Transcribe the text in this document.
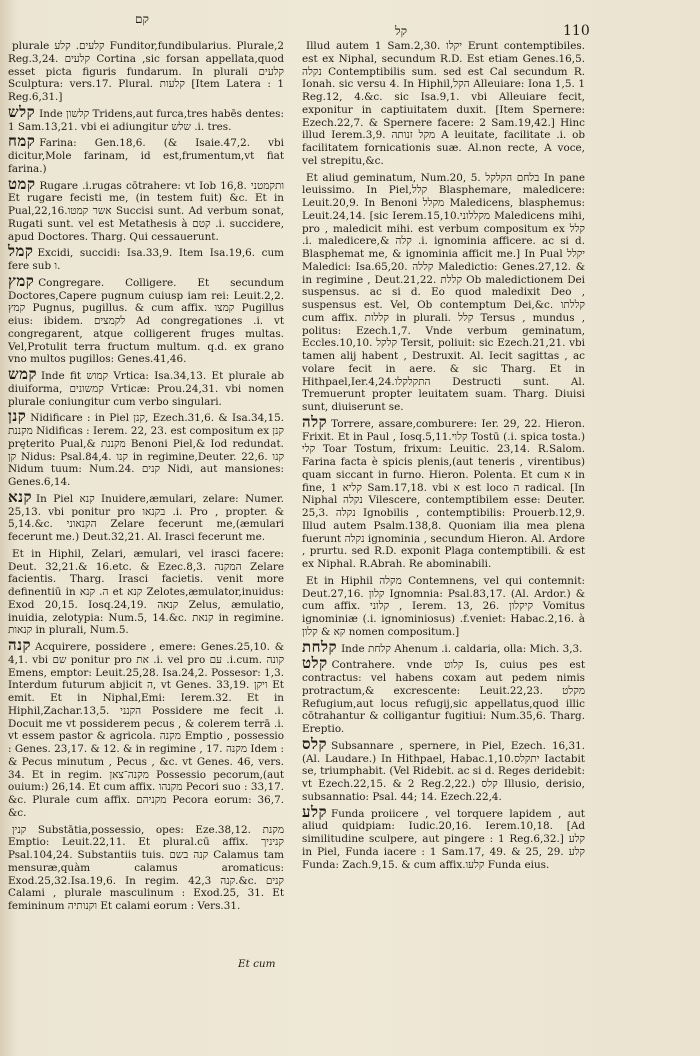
קם
קל	110
plurale קלעים. קלע Funditor,fundibularius. Plurale,2 Reg.3,24. קלעים Cortina ,sic forsan appellata,quod esset picta figuris fundarum. In plurali קלעים Sculptura: vers.17. Plural. קלעות [Item Latera : 1 Reg.6,31.]
קלש Inde קלשון Tridens,aut furca,tres habēs dentes: 1 Sam.13,21. vbi ei adiungitur שלש .i. tres.
קמח Farina: Gen.18,6. (& Isaie.47,2. vbi dicitur,Mole farinam, id est,frumentum,vt fiat farina.)
קמט Rugare .i.rugas cōtrahere: vt Iob 16,8. ותקמטני Et rugare fecisti me, (in testem fuit) &c. Et in Pual,22,16.אשר קמטו Succisi sunt. Ad verbum sonat, Rugati sunt. vel est Metathesis à קטם .i. succidere, apud Doctores. Tharg. Qui cessauerunt.
קמל Excidi, succidi: Isa.33,9. Item Isa.19,6. cum fere sub ו.
קמץ Congregare. Colligere. Et secundum Doctores,Capere pugnum cuiusp iam rei: Leuit.2,2. קמץ Pugnus, pugillus. & cum affix. קמצו Pugillus eius: ibidem. לקמצים Ad congregationes .i. vt congregarent, atque colligerent fruges multas. Vel,Protulit terra fructum multum. q.d. ex grano vno multos pugillos: Genes.41,46.
קמש Inde fit קמוש Vrtica: Isa.34,13. Et plurale ab diuiforma, קמשונים Vrticæ: Prou.24,31. vbi nomen plurale coniungitur cum verbo singulari.
קנן Nidificare : in Piel קנן, Ezech.31,6. & Isa.34,15. מקננת Nidificas : Ierem. 22, 23. est compositum ex קנן pręterito Pual,& מקננת Benoni Piel,& Iod redundat. קן Nidus: Psal.84,4. קנו in regimine,Deuter. 22,6. קנו Nidum tuum: Num.24. קנים Nidi, aut mansiones: Genes.6,14.
קנא In Piel קנא Inuidere,æmulari, zelare: Numer. 25,13. vbi ponitur pro בקנאו .i. Pro , propter. & 5,14.&c. הקנאוני Zelare fecerunt me,(æmulari fecerunt me.) Deut.32,21. Al. Irasci fecerunt me.
Et in Hiphil, Zelari, æmulari, vel irasci facere: Deut. 32,21.& 16.etc. & Ezec.8,3. המקנה Zelare facientis. Tharg. Irasci facietis. venit more definentiū in ה. קנא et קנא Zelotes,æmulator,inuidus: Exod 20,15. Iosq.24,19. קנאה Zelus, æmulatio, inuidia, zelotypia: Num.5, 14.&c. קנאת in regimine. קנאות in plurali, Num.5.
קנה Acquirere, possidere , emere: Genes.25,10. & 4,1. vbi שם ponitur pro את .i. vel pro עם .i.cum. קונה Emens, emptor: Leuit.25,28. Isa.24,2. Possesor: 1,3. Interdum futurum abjicit ה, vt Genes. 33,19. ויקן Et emit. Et in Niphal,Emi: Ierem.32. Et in Hiphil,Zachar.13,5. הקנני Possidere me fecit .i. Docuit me vt possiderem pecus , & colerem terrā .i. vt essem pastor & agricola. מקנה Emptio , possessio : Genes. 23,17. & 12. & in regimine , 17. מקנה Idem : & Pecus minutum , Pecus , &c. vt Genes. 46, vers. 34. Et in regim. מקנה־צאן Possessio pecorum,(aut ouium:) 26,14. Et cum affix. מקנהו Pecori suo : 33,17. &c. Plurale cum affix. מקניהם Pecora eorum: 36,7. &c.
קנין Substātia,possessio, opes: Eze.38,12. מקנת Emptio: Leuit.22,11. Et plural.cū affix. קניניך Psal.104,24. Substantiis tuis. קנה בשם Calamus tam mensuræ,quàm calamus aromaticus: Exod.25,32.Isa.19,6. In regim. קנה 42,3.&c. קנים Calami , plurale masculinum : Exod.25, 31. Et femininum וקנותיה Et calami eorum : Vers.31.
Et cum
Illud autem 1 Sam.2,30. יקלו Erunt contemptibiles. est ex Niphal, secundum R.D. Est etiam Genes.16,5. נקלה Contemptibilis sum. sed est Cal secundum R. Ionah. sic versu 4. In Hiphil,הקל Alleuiare: Iona 1,5. 1 Reg.12, 4.&c. sic Isa.9,1. vbi Alleuiare fecit, exponitur in captiuitatem duxit. [Item Spernere: Ezech.22,7. & Spernere facere: 2 Sam.19,42.] Hinc illud Ierem.3,9. מקל זנותה A leuitate, facilitate .i. ob facilitatem fornicationis suæ. Al.non recte, A voce, vel strepitu,&c.
Et aliud geminatum, Num.20, 5. בלחם הקלקל In pane leuissimo. In Piel,קלל Blasphemare, maledicere: Leuit.20,9. In Benoni מקלל Maledicens, blasphemus: Leuit.24,14. [sic Ierem.15,10.מקללוני Maledicens mihi, pro , maledicit mihi. est verbum compositum ex קלל .i. maledicere,& קלה .i. ignominia afficere. ac si d. Blasphemat me, & ignominia afficit me.] In Pual יקלל Maledici: Isa.65,20. קללה Maledictio: Genes.27,12. & in regimine , Deut.21,22. קללת Ob maledictionem Dei suspensus. ac si d. Eo quod maledixit Deo , suspensus est. Vel, Ob contemptum Dei,&c. קללתו cum affix. קללות in plurali. קלל Tersus , mundus , politus: Ezech.1,7. Vnde verbum geminatum, Eccles.10,10. קלקל Tersit, poliuit: sic Ezech.21,21. vbi tamen alij habent , Destruxit. Al. Iecit sagittas , ac volare fecit in aere. & sic Tharg. Et in Hithpael,Ier.4,24.התקלקלו Destructi sunt. Al. Tremuerunt propter leuitatem suam. Tharg. Diuisi sunt, diuiserunt se.
קלה Torrere, assare,comburere: Ier. 29, 22. Hieron. Frixit. Et in Paul , Iosq.5,11.קלוי Tostū (.i. spica tosta.) קלי Toar Tostum, frixum: Leuitic. 23,14. R.Salom. Farina facta è spicis plenis,(aut teneris , virentibus) quam siccant in furno. Hieron. Polenta. Et cum א in fine, קליא 1 Sam.17,18. vbi א est loco ה radical. [In Niphal נקלה Vilescere, contemptibilem esse: Deuter. 25,3. נקלה Ignobilis , contemptibilis: Prouerb.12,9. Illud autem Psalm.138,8. Quoniam ilia mea plena fuerunt נקלה ignominia , secundum Hieron. Al. Ardore , prurtu. sed R.D. exponit Plaga contemptibili. & est ex Niphal. R.Abrah. Re abominabili.
Et in Hiphil מקלה Contemnens, vel qui contemnit: Deut.27,16. קלון Ignomnia: Psal.83,17. (Al. Ardor.) & cum affix. קלוני , Ierem. 13, 26. קיקלון Vomitus ignominiæ (.i. ignominiosus) .f.veniet: Habac.2,16. à קא & קלון nomen compositum.]
קלחת Inde קלחת Ahenum .i. caldaria, olla: Mich. 3,3.
קלט Contrahere. vnde קלוט Is, cuius pes est contractus: vel habens coxam aut pedem nimis protractum,& excrescente: Leuit.22,23. מקלט Refugium,aut locus refugij,sic appellatus,quod illic cōtrahantur & colligantur fugitiui: Num.35,6. Tharg. Ereptio.
קלס Subsannare , spernere, in Piel, Ezech. 16,31. (Al. Laudare.) In Hithpael, Habac.1,10.יתקלס Iactabit se, triumphabit. (Vel Ridebit. ac si d. Reges deridebit: vt Ezech.22,15. & 2 Reg.2,22.) קלס Illusio, derisio, subsannatio: Psal. 44; 14. Ezech.22,4.
קלע Funda proiicere , vel torquere lapidem , aut aliud quidpiam: Iudic.20,16. Ierem.10,18. [Ad similitudine sculpere, aut pingere : 1 Reg.6,32.] קלע in Piel, Funda iacere : 1 Sam.17, 49. & 25, 29. קלע Funda: Zach.9,15. & cum affix.קלעו Funda eius.
